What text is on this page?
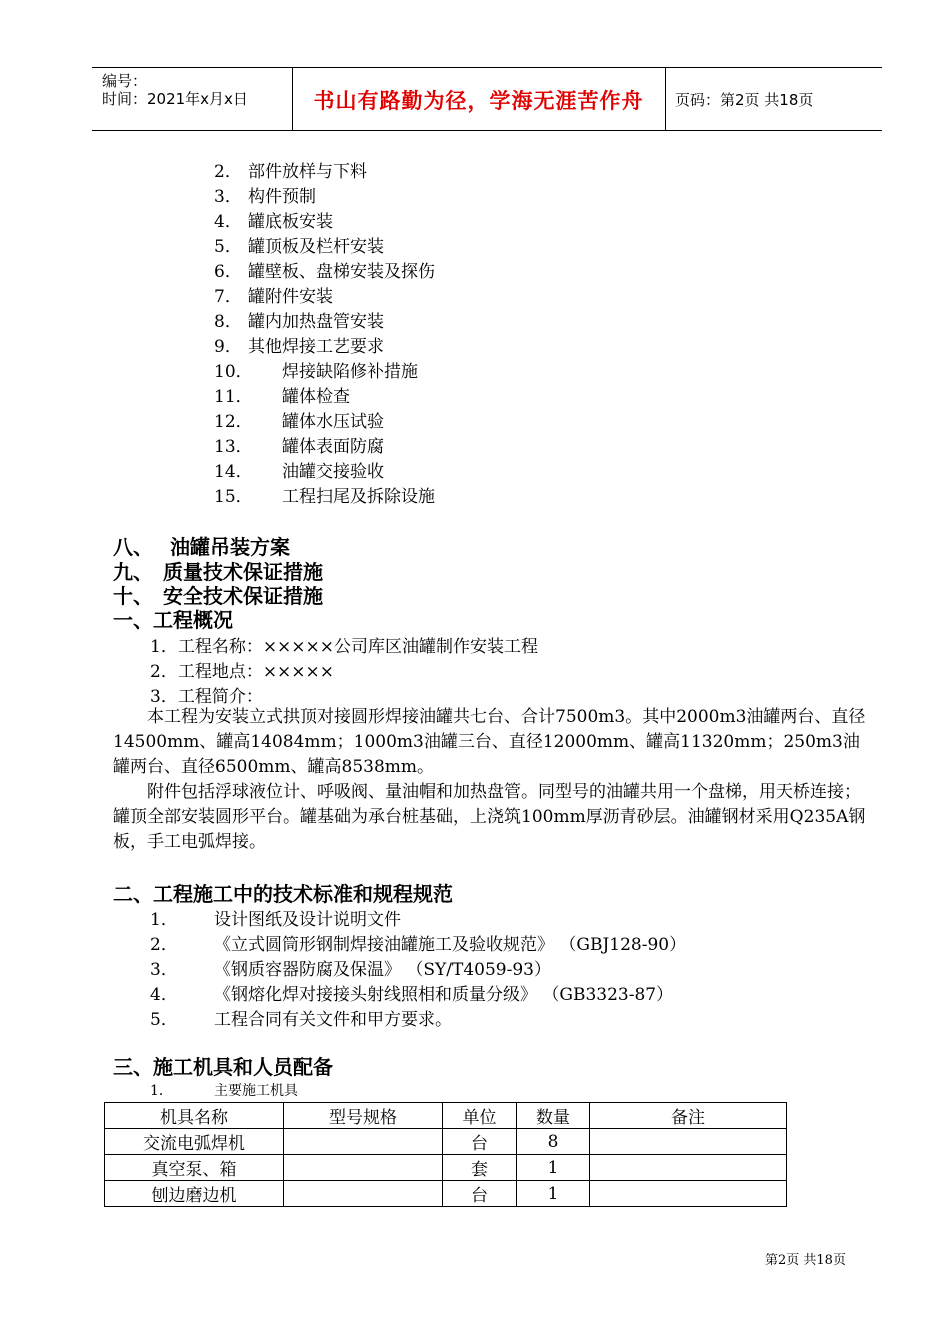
编号：
时间：2021年x月x日	书山有路勤为径，学海无涯苦作舟	页码：第2页 共18页
2． 部件放样与下料
3． 构件预制
4． 罐底板安装
5． 罐顶板及栏杆安装
6． 罐壁板、盘梯安装及探伤
7． 罐附件安装
8． 罐内加热盘管安装
9． 其他焊接工艺要求
10． 焊接缺陷修补措施
11． 罐体检查
12． 罐体水压试验
13． 罐体表面防腐
14． 油罐交接验收
15． 工程扫尾及拆除设施
八、 油罐吊装方案
九、 质量技术保证措施
十、 安全技术保证措施
一、工程概况
1．工程名称：×××××公司库区油罐制作安装工程
2．工程地点：×××××
3．工程简介：

本工程为安装立式拱顶对接圆形焊接油罐共七台、合计7500m3。其中2000m3油罐两台、直径14500mm、罐高14084mm；1000m3油罐三台、直径12000mm、罐高11320mm；250m3油罐两台、直径6500mm、罐高8538mm。

附件包括浮球液位计、呼吸阀、量油帽和加热盘管。同型号的油罐共用一个盘梯，用天桥连接；罐顶全部安装圆形平台。罐基础为承台桩基础，上浇筑100mm厚沥青砂层。油罐钢材采用Q235A钢板，手工电弧焊接。

二、工程施工中的技术标准和规程规范
1． 设计图纸及设计说明文件
2． 《立式圆筒形钢制焊接油罐施工及验收规范》 （GBJ128-90）
3． 《钢质容器防腐及保温》 （SY/T4059-93）
4． 《钢熔化焊对接接头射线照相和质量分级》 （GB3323-87）
5． 工程合同有关文件和甲方要求。
三、施工机具和人员配备
1．	主要施工机具
机具名称	型号规格	单位	数量	备注
交流电弧焊机		台	8	
真空泵、箱		套	1	
刨边磨边机		台	1	
第2页 共18页
